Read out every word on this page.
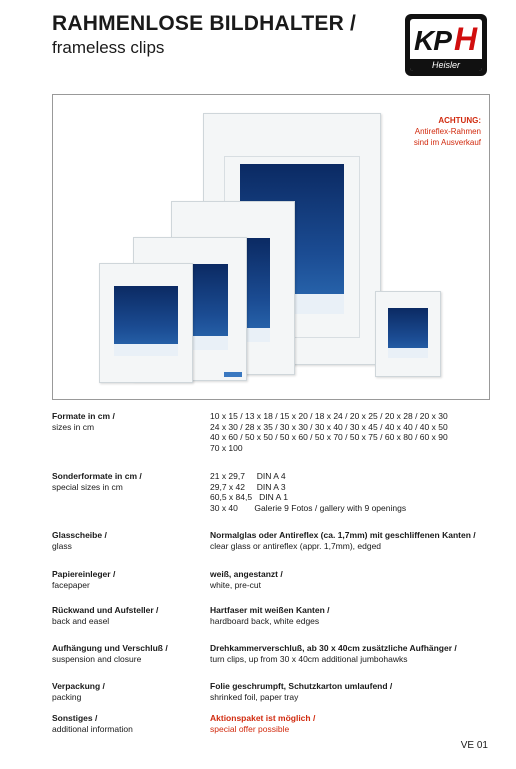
RAHMENLOSE BILDHALTER /
frameless clips	KP H
Heisler
ACHTUNG:
Antireflex-Rahmen
sind im Ausverkauf
Formate in cm /
sizes in cm
10 x 15 / 13 x 18 / 15 x 20 / 18 x 24 / 20 x 25 / 20 x 28 / 20 x 30
24 x 30 / 28 x 35 / 30 x 30 / 30 x 40 / 30 x 45 / 40 x 40 / 40 x 50
40 x 60 / 50 x 50 / 50 x 60 / 50 x 70 / 50 x 75 / 60 x 80 / 60 x 90
70 x 100
Sonderformate in cm /
special sizes in cm
21 x 29,7     DIN A 4
29,7 x 42     DIN A 3
60,5 x 84,5   DIN A 1
30 x 40       Galerie 9 Fotos / gallery with 9 openings
Glasscheibe /
glass
Normalglas oder Antireflex (ca. 1,7mm) mit geschliffenen Kanten /
clear glass or antireflex (appr. 1,7mm), edged
Papiereinleger /
facepaper
weiß, angestanzt /
white, pre-cut
Rückwand und Aufsteller /
back and easel
Hartfaser mit weißen Kanten /
hardboard back, white edges
Aufhängung und Verschluß /
suspension and closure
Drehkammerverschluß, ab 30 x 40cm zusätzliche Aufhänger /
turn clips, up from 30 x 40cm additional jumbohawks
Verpackung /
packing
Folie geschrumpft, Schutzkarton umlaufend /
shrinked foil, paper tray
Sonstiges /
additional information
Aktionspaket ist möglich /
special offer possible
VE 01
